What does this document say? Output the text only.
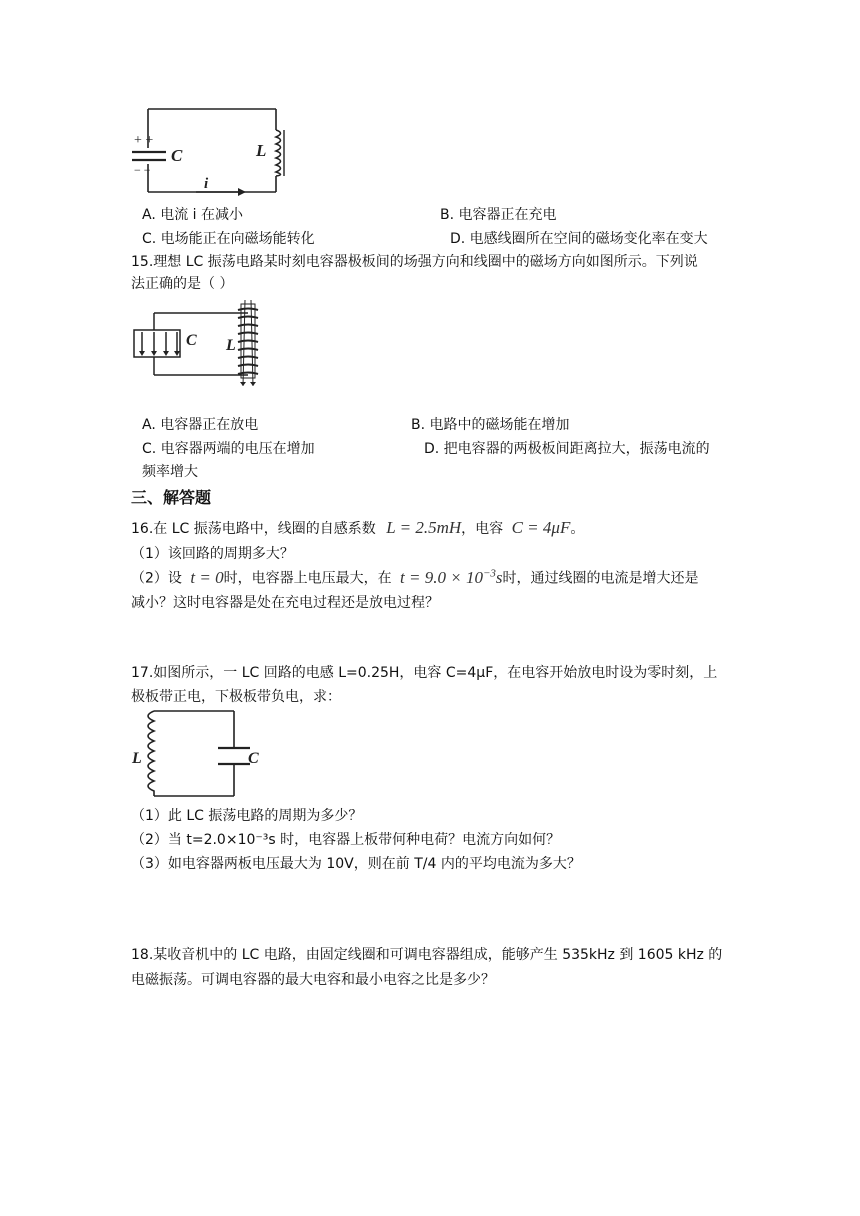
+ +
− −
C	L
i
A. 电流 i 在减小	B. 电容器正在充电
C. 电场能正在向磁场能转化	D. 电感线圈所在空间的磁场变化率在变大
15.理想 LC 振荡电路某时刻电容器极板间的场强方向和线圈中的磁场方向如图所示。下列说
法正确的是（ ）
C L
A. 电容器正在放电	B. 电路中的磁场能在增加
C. 电容器两端的电压在增加	D. 把电容器的两极板间距离拉大，振荡电流的
频率增大
三、解答题
16.在 LC 振荡电路中，线圈的自感系数 L = 2.5mH，电容 C = 4μF。
（1）该回路的周期多大？
（2）设 t = 0时，电容器上电压最大，在 $t = 9.0 \times 10^{-3}s$时，通过线圈的电流是增大还是
减小？这时电容器是处在充电过程还是放电过程？
17.如图所示，一 LC 回路的电感 L=0.25H，电容 C=4μF，在电容开始放电时设为零时刻，上
极板带正电，下极板带负电，求：
L	C
（1）此 LC 振荡电路的周期为多少？
（2）当 t=2.0×10⁻³s 时，电容器上板带何种电荷？电流方向如何？
（3）如电容器两板电压最大为 10V，则在前 T/4 内的平均电流为多大？
18.某收音机中的 LC 电路，由固定线圈和可调电容器组成，能够产生 535kHz 到 1605 kHz 的
电磁振荡。可调电容器的最大电容和最小电容之比是多少？
